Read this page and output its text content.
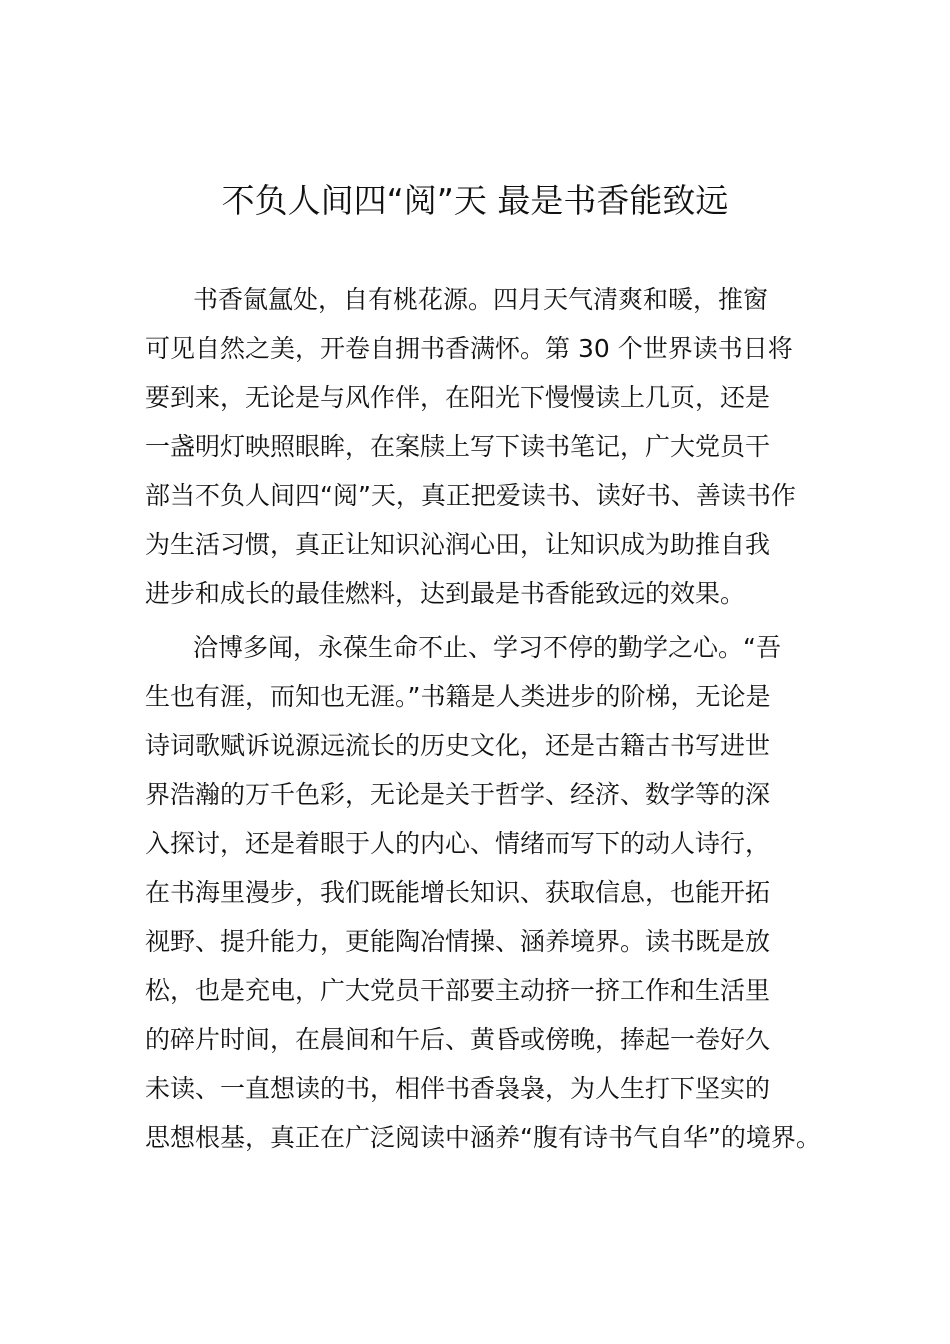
不负人间四“阅”天 最是书香能致远

书香氤氲处，自有桃花源。四月天气清爽和暖，推窗

可见自然之美，开卷自拥书香满怀。第 30 个世界读书日将

要到来，无论是与风作伴，在阳光下慢慢读上几页，还是

一盏明灯映照眼眸，在案牍上写下读书笔记，广大党员干

部当不负人间四“阅”天，真正把爱读书、读好书、善读书作

为生活习惯，真正让知识沁润心田，让知识成为助推自我

进步和成长的最佳燃料，达到最是书香能致远的效果。

洽博多闻，永葆生命不止、学习不停的勤学之心。“吾

生也有涯，而知也无涯。”书籍是人类进步的阶梯，无论是

诗词歌赋诉说源远流长的历史文化，还是古籍古书写进世

界浩瀚的万千色彩，无论是关于哲学、经济、数学等的深

入探讨，还是着眼于人的内心、情绪而写下的动人诗行，

在书海里漫步，我们既能增长知识、获取信息，也能开拓

视野、提升能力，更能陶冶情操、涵养境界。读书既是放

松，也是充电，广大党员干部要主动挤一挤工作和生活里

的碎片时间，在晨间和午后、黄昏或傍晚，捧起一卷好久

未读、一直想读的书，相伴书香袅袅，为人生打下坚实的

思想根基，真正在广泛阅读中涵养“腹有诗书气自华”的境界。
